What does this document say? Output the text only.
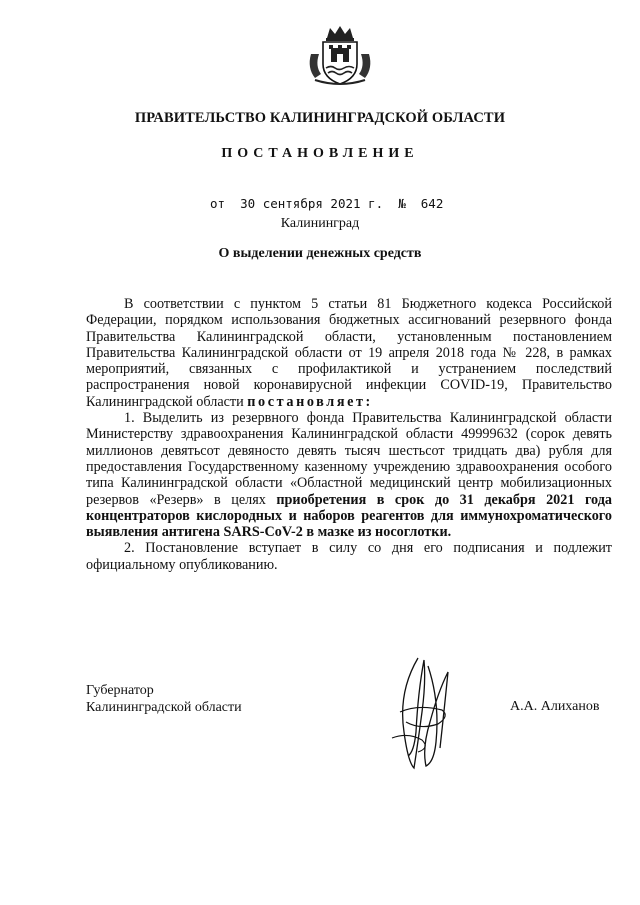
ПРАВИТЕЛЬСТВО КАЛИНИНГРАДСКОЙ ОБЛАСТИ
ПОСТАНОВЛЕНИЕ
от 30 сентября 2021 г. № 642
Калининград
О выделении денежных средств

В соответствии с пунктом 5 статьи 81 Бюджетного кодекса Российской Федерации, порядком использования бюджетных ассигнований резервного фонда Правительства Калининградской области, установленным постановлением Правительства Калининградской области от 19 апреля 2018 года № 228, в рамках мероприятий, связанных с профилактикой и устранением последствий распространения новой коронавирусной инфекции COVID-19, Правительство Калининградской области постановляет:

1. Выделить из резервного фонда Правительства Калининградской области Министерству здравоохранения Калининградской области 49999632 (сорок девять миллионов девятьсот девяносто девять тысяч шестьсот тридцать два) рубля для предоставления Государственному казенному учреждению здравоохранения особого типа Калининградской области «Областной медицинский центр мобилизационных резервов «Резерв» в целях приобретения в срок до 31 декабря 2021 года концентраторов кислородных и наборов реагентов для иммунохроматического выявления антигена SARS-CoV-2 в мазке из носоглотки.

2. Постановление вступает в силу со дня его подписания и подлежит официальному опубликованию.

Губернатор
Калининградской области	А.А. Алиханов
